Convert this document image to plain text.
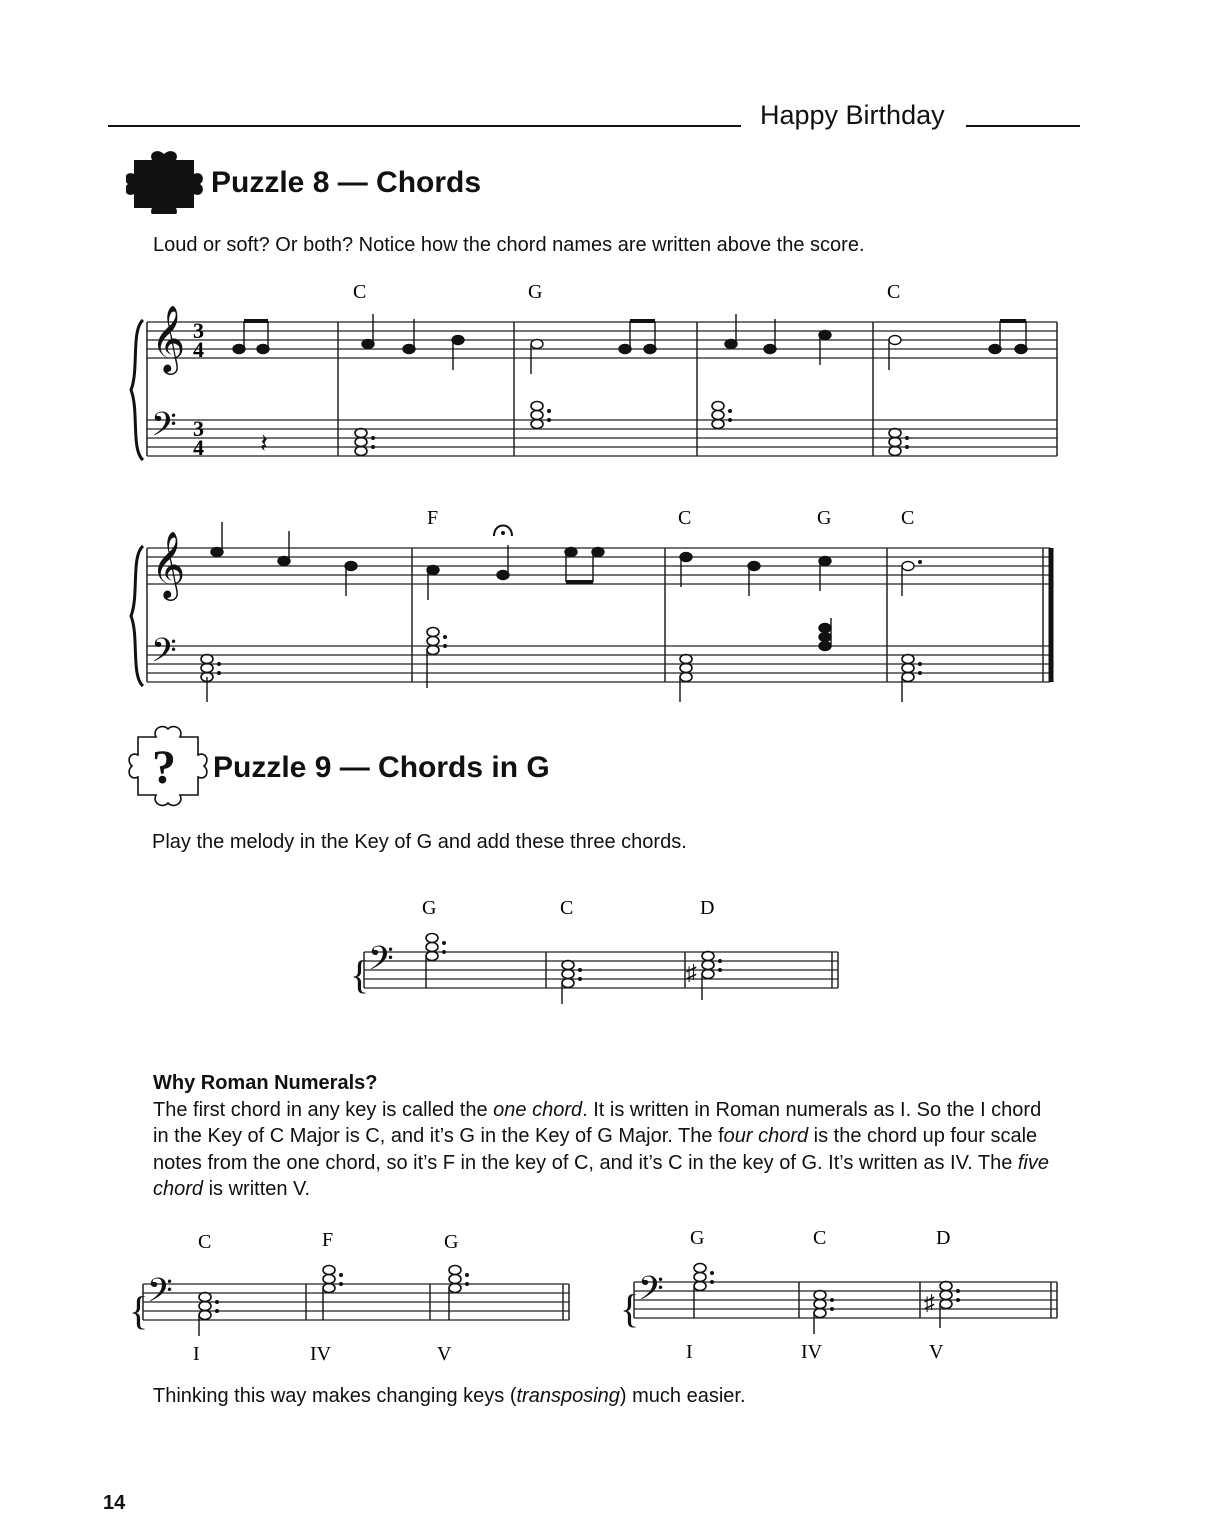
Happy Birthday
Puzzle 8 — Chords
Loud or soft? Or both? Notice how the chord names are written above the score.
C	G	C
𝄞
𝄢
3
4
3
4 𝄽
F	C	G	C
𝄞
𝄢
? Puzzle 9 — Chords in G
Play the melody in the Key of G and add these three chords.
G	C	D
{
𝄢	♯
Why Roman Numerals?
The first chord in any key is called the one chord. It is written in Roman numerals as I. So the I chord in the Key of C Major is C, and it’s G in the Key of G Major. The four chord is the chord up four scale notes from the one chord, so it’s F in the key of C, and it’s C in the key of G. It’s written as IV. The five chord is written V.
C	F	G
{
𝄢
I	IV	V
G	C	D
{
𝄢	♯
I	IV	V
Thinking this way makes changing keys (transposing) much easier.
14
